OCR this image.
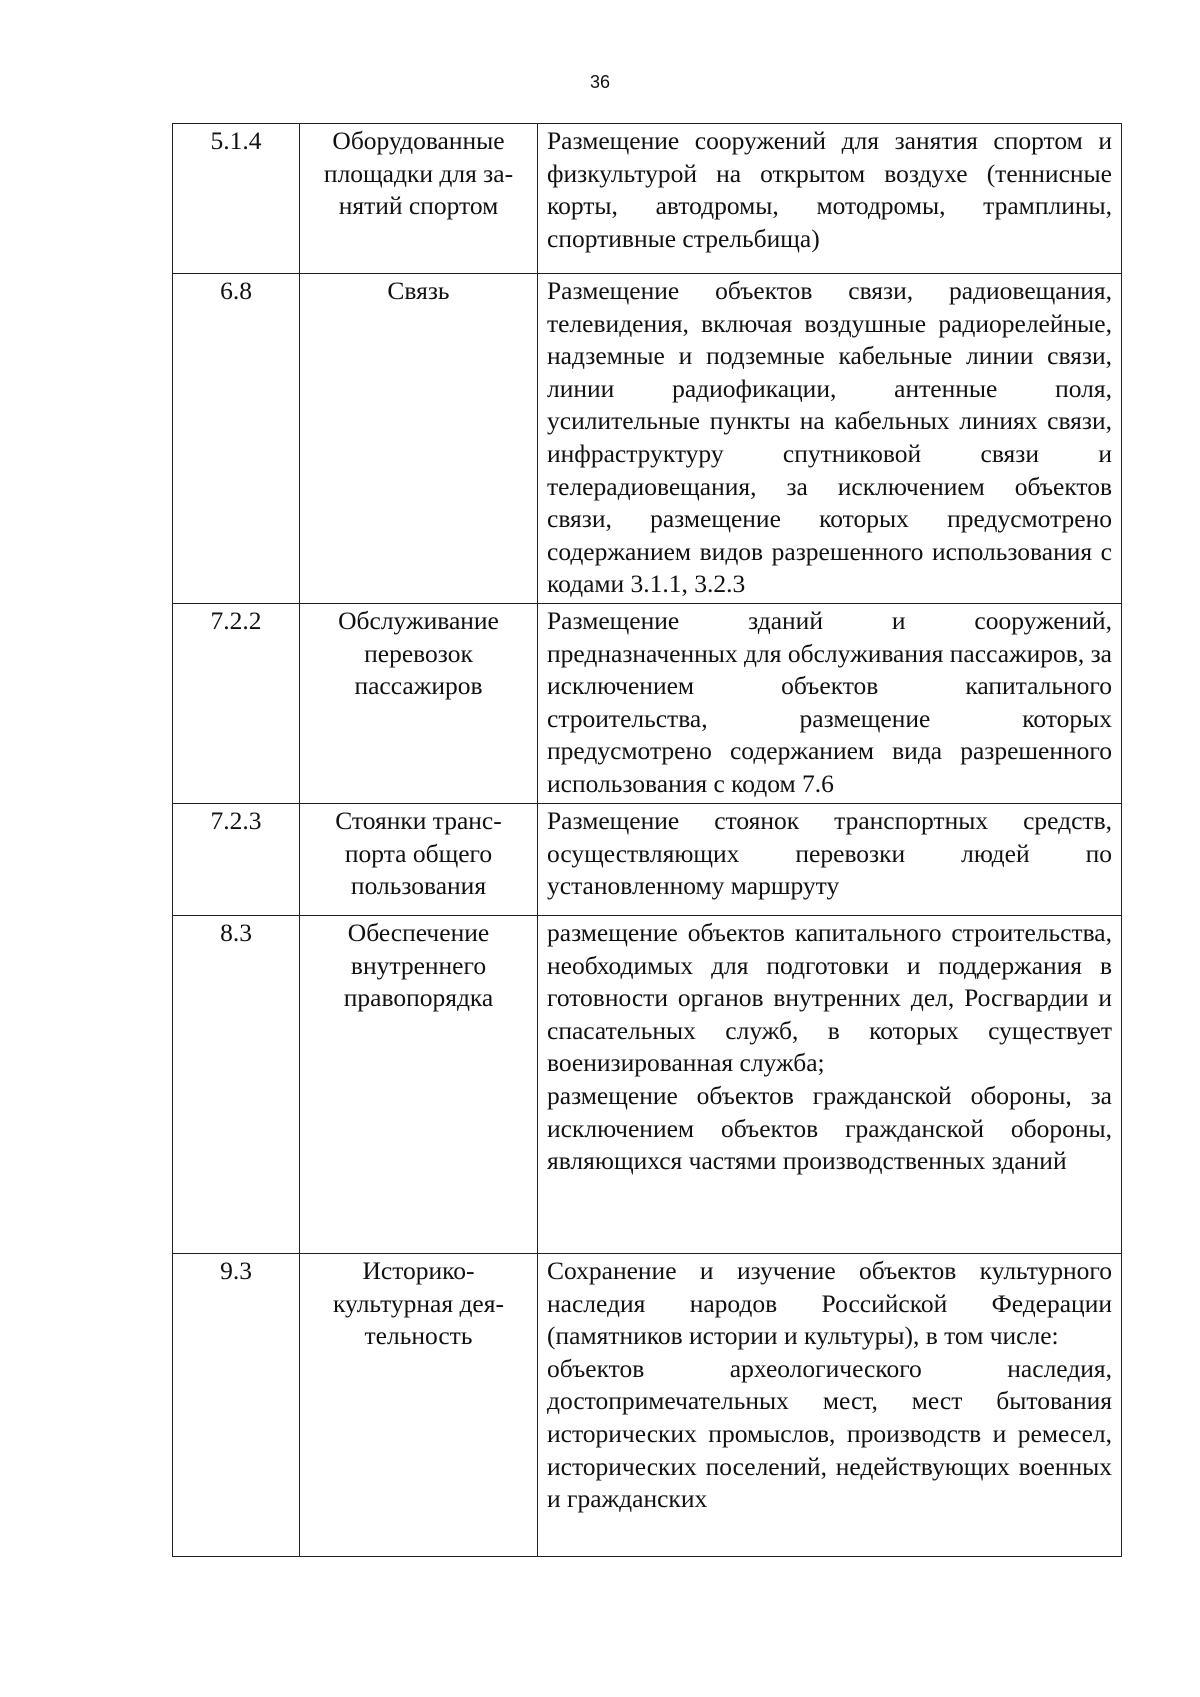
36
5.1.4	Оборудованные площадки для за-нятий спортом	Размещение сооружений для занятия спортом и физкультурой на открытом воздухе (теннисные корты, автодромы, мотодромы, трамплины, спортивные стрельбища)

6.8	Связь	Размещение объектов связи, радиовещания, телевидения, включая воздушные радиорелейные, надземные и подземные кабельные линии связи, линии радиофикации, антенные поля, усилительные пункты на кабельных линиях связи, инфраструктуру спутниковой связи и телерадиовещания, за исключением объектов связи, размещение которых предусмотрено содержанием видов разрешенного использования с кодами 3.1.1, 3.2.3

7.2.2	Обслуживание перевозок пассажиров	Размещение зданий и сооружений, предназначенных для обслуживания пассажиров, за исключением объектов капитального строительства, размещение которых предусмотрено содержанием вида разрешенного использования с кодом 7.6

7.2.3	Стоянки транс-порта общего пользования	Размещение стоянок транспортных средств, осуществляющих перевозки людей по установленному маршруту

8.3	Обеспечение внутреннего правопорядка	размещение объектов капитального строительства, необходимых для подготовки и поддержания в готовности органов внутренних дел, Росгвардии и спасательных служб, в которых существует военизированная служба;

размещение объектов гражданской обороны, за исключением объектов гражданской обороны, являющихся частями производственных зданий

9.3	Историко-культурная дея-тельность	Сохранение и изучение объектов культурного наследия народов Российской Федерации (памятников истории и культуры), в том числе:

объектов археологического наследия, достопримечательных мест, мест бытования исторических промыслов, производств и ремесел, исторических поселений, недействующих военных и гражданских
